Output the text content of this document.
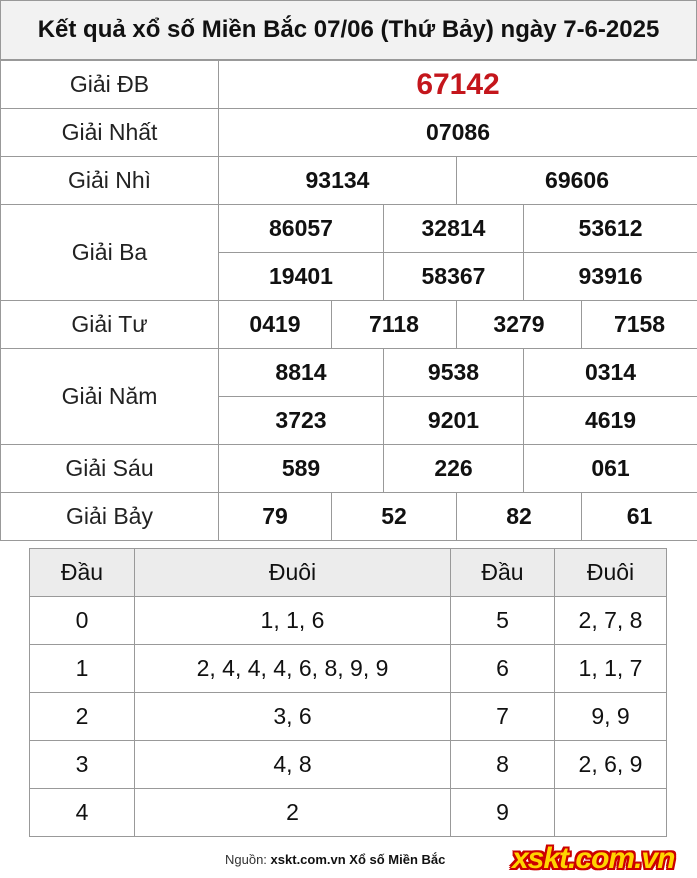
Kết quả xổ số Miền Bắc 07/06 (Thứ Bảy) ngày 7-6-2025
Giải ĐB	67142					
Giải Nhất	07086					
Giải Nhì	93134			69606		
Giải Ba	86057		32814		53612	
	19401		58367		93916	
Giải Tư	0419	7118		3279		7158
Giải Năm	8814		9538		0314	
	3723		9201		4619	
Giải Sáu	589		226		061	
Giải Bảy	79	52		82		61
Đầu	Đuôi	Đầu	Đuôi
0	1, 1, 6	5	2, 7, 8
1	2, 4, 4, 4, 6, 8, 9, 9	6	1, 1, 7
2	3, 6	7	9, 9
3	4, 8	8	2, 6, 9
4	2	9	
Nguồn: xskt.com.vn Xổ số Miền Bắc xskt.com.vn
